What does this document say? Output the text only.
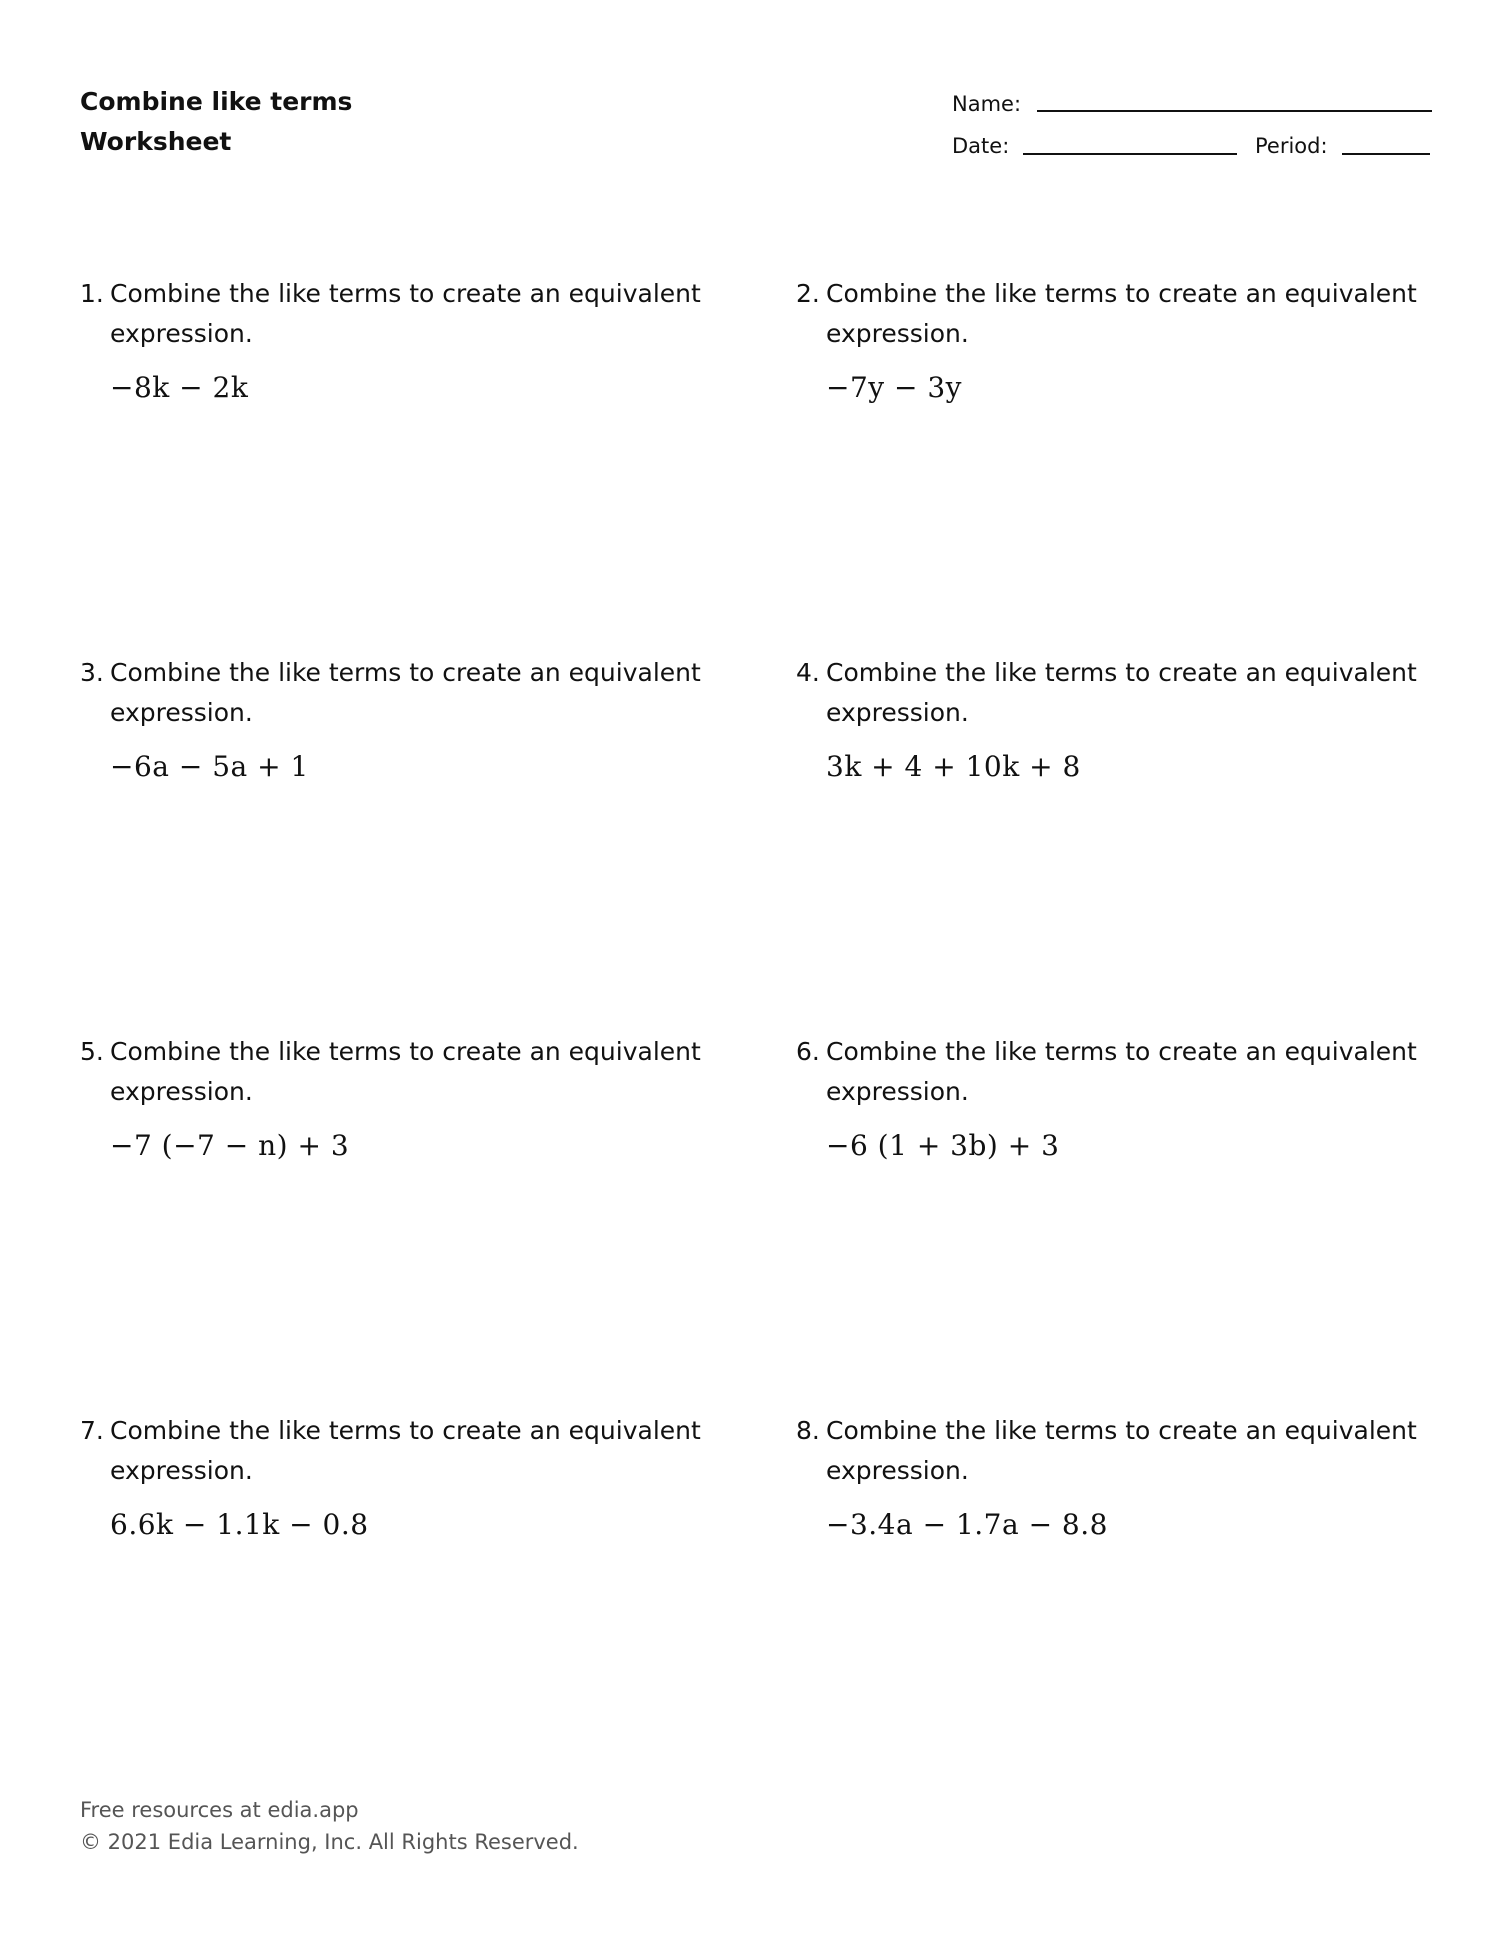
Combine like terms
Worksheet
Name:
Date:	Period:
1. Combine the like terms to create an equivalent expression.
−8k − 2k
2. Combine the like terms to create an equivalent expression.
−7y − 3y
3. Combine the like terms to create an equivalent expression.
−6a − 5a + 1
4. Combine the like terms to create an equivalent expression.
3k + 4 + 10k + 8
5. Combine the like terms to create an equivalent expression.
−7 (−7 − n) + 3
6. Combine the like terms to create an equivalent expression.
−6 (1 + 3b) + 3
7. Combine the like terms to create an equivalent expression.
6.6k − 1.1k − 0.8
8. Combine the like terms to create an equivalent expression.
−3.4a − 1.7a − 8.8
Free resources at edia.app
© 2021 Edia Learning, Inc. All Rights Reserved.
